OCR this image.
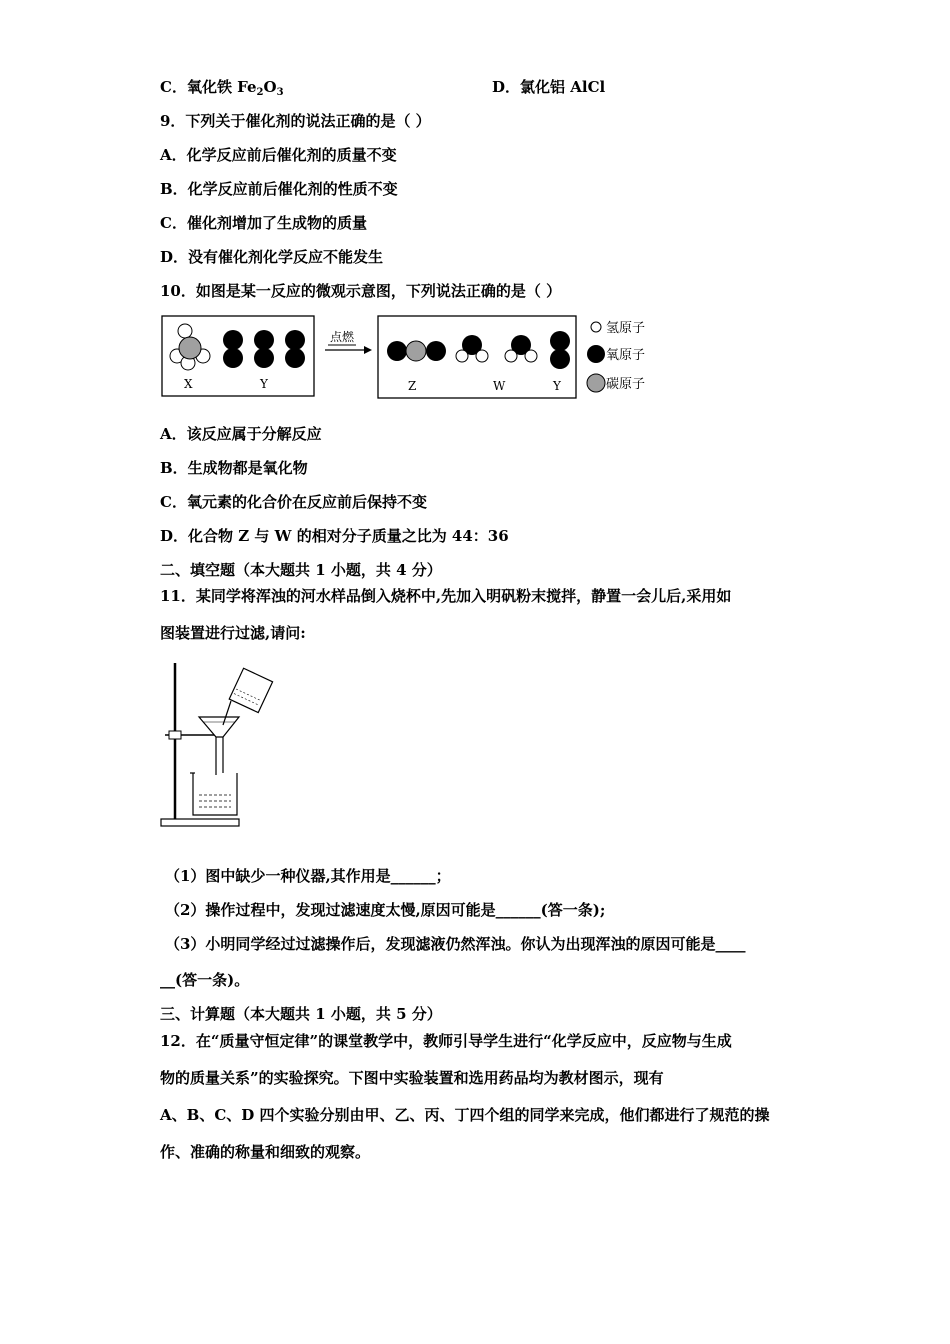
C．氧化铁 $Fe_2O_3$	D．氯化铝 AlCl
9．下列关于催化剂的说法正确的是（ ）
A．化学反应前后催化剂的质量不变
B．化学反应前后催化剂的性质不变
C．催化剂增加了生成物的质量
D．没有催化剂化学反应不能发生
10．如图是某一反应的微观示意图，下列说法正确的是（ ）
X	Y
点燃
Z	W	Y
氢原子
氧原子
碳原子
A．该反应属于分解反应
B．生成物都是氧化物
C．氧元素的化合价在反应前后保持不变
D．化合物 Z 与 W 的相对分子质量之比为 44：36
二、填空题（本大题共 1 小题，共 4 分）
11．某同学将浑浊的河水样品倒入烧杯中,先加入明矾粉末搅拌，静置一会儿后,采用如
图装置进行过滤,请问:
（1）图中缺少一种仪器,其作用是______；
（2）操作过程中，发现过滤速度太慢,原因可能是______(答一条);
（3）小明同学经过过滤操作后，发现滤液仍然浑浊。你认为出现浑浊的原因可能是____
__(答一条)。
三、计算题（本大题共 1 小题，共 5 分）
12．在“质量守恒定律”的课堂教学中，教师引导学生进行“化学反应中，反应物与生成
物的质量关系”的实验探究。下图中实验装置和选用药品均为教材图示，现有
A、B、C、D 四个实验分别由甲、乙、丙、丁四个组的同学来完成，他们都进行了规范的操
作、准确的称量和细致的观察。
